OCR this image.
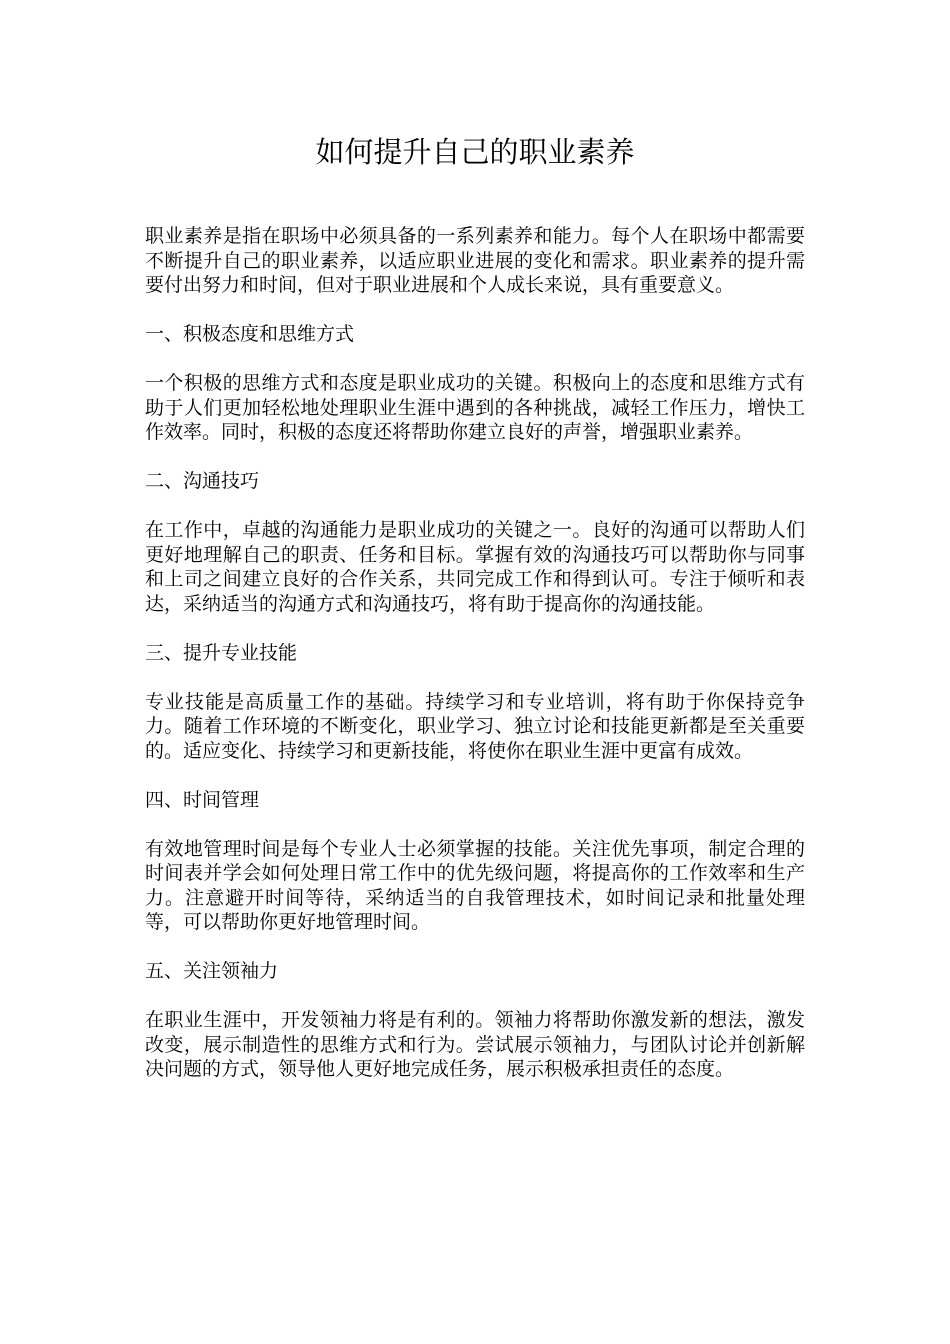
如何提升自己的职业素养

职业素养是指在职场中必须具备的一系列素养和能力。每个人在职场中都需要不断提升自己的职业素养，以适应职业进展的变化和需求。职业素养的提升需要付出努力和时间，但对于职业进展和个人成长来说，具有重要意义。

一、积极态度和思维方式

一个积极的思维方式和态度是职业成功的关键。积极向上的态度和思维方式有助于人们更加轻松地处理职业生涯中遇到的各种挑战，减轻工作压力，增快工作效率。同时，积极的态度还将帮助你建立良好的声誉，增强职业素养。

二、沟通技巧

在工作中，卓越的沟通能力是职业成功的关键之一。良好的沟通可以帮助人们更好地理解自己的职责、任务和目标。掌握有效的沟通技巧可以帮助你与同事和上司之间建立良好的合作关系，共同完成工作和得到认可。专注于倾听和表达，采纳适当的沟通方式和沟通技巧，将有助于提高你的沟通技能。

三、提升专业技能

专业技能是高质量工作的基础。持续学习和专业培训，将有助于你保持竞争力。随着工作环境的不断变化，职业学习、独立讨论和技能更新都是至关重要的。适应变化、持续学习和更新技能，将使你在职业生涯中更富有成效。

四、时间管理

有效地管理时间是每个专业人士必须掌握的技能。关注优先事项，制定合理的时间表并学会如何处理日常工作中的优先级问题，将提高你的工作效率和生产力。注意避开时间等待，采纳适当的自我管理技术，如时间记录和批量处理等，可以帮助你更好地管理时间。

五、关注领袖力

在职业生涯中，开发领袖力将是有利的。领袖力将帮助你激发新的想法，激发改变，展示制造性的思维方式和行为。尝试展示领袖力，与团队讨论并创新解决问题的方式，领导他人更好地完成任务，展示积极承担责任的态度。
